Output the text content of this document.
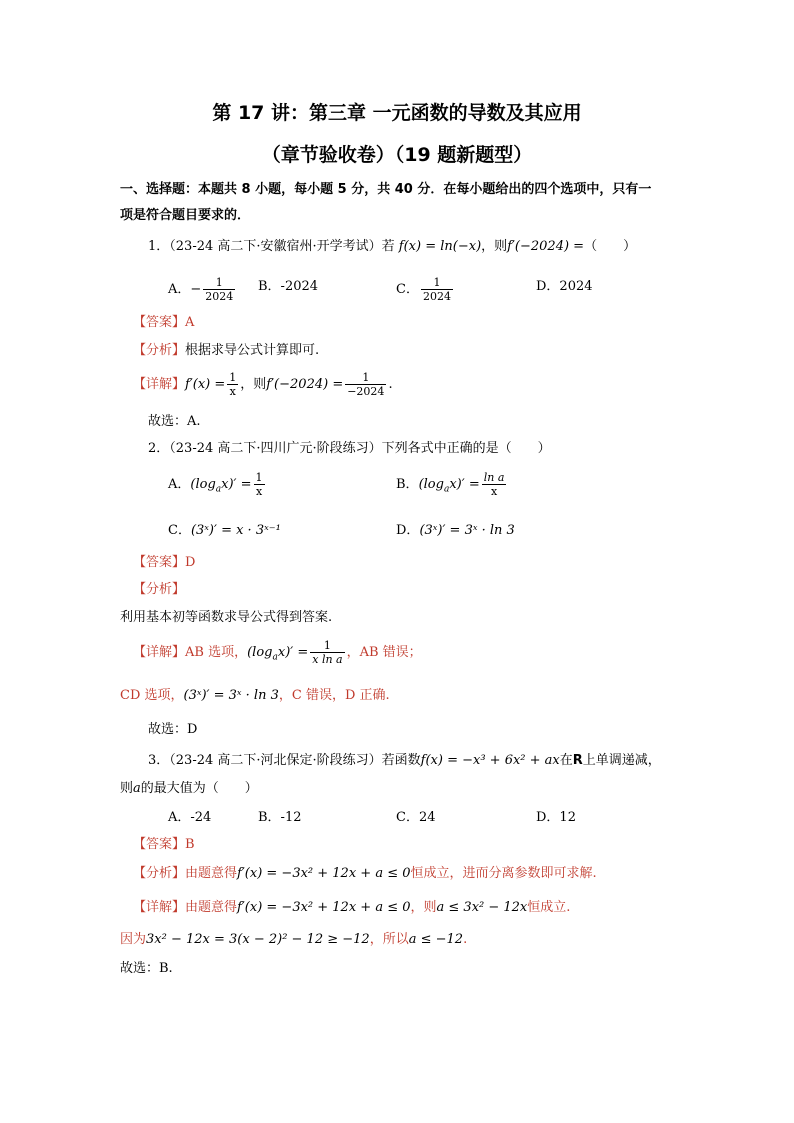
第 17 讲：第三章 一元函数的导数及其应用
（章节验收卷）（19 题新题型）
一、选择题：本题共 8 小题，每小题 5 分，共 40 分．在每小题给出的四个选项中，只有一
项是符合题目要求的．
1．（23-24 高二下·安徽宿州·开学考试）若 f(x) = ln(−x)，则f′(−2024) =（　　）
A．− $\frac{1}{2024}$ B．-2024	C． $\frac{1}{2024}$	D．2024
【答案】A
【分析】根据求导公式计算即可.
【详解】$f'(x) = \frac{1}{x}$ ，则$f'(-2024) = \frac{1}{-2024}$ .
故选：A.
2．（23-24 高二下·四川广元·阶段练习）下列各式中正确的是（　　）
A．$(\log_ax)' = \frac{1}{x}$	B．$(\log_ax)' = \frac{\text{ln a}}{x}$
C．(3ˣ)′ = x · 3ˣ⁻¹	D．(3ˣ)′ = 3ˣ · ln 3
【答案】D
【分析】
利用基本初等函数求导公式得到答案.
【详解】AB 选项，$(\log_ax)' = \frac{1}{\text{x ln a}}$ ，AB 错误；
CD 选项，(3ˣ)′ = 3ˣ · ln 3，C 错误，D 正确.
故选：D
3．（23-24 高二下·河北保定·阶段练习）若函数f(x) = −x³ + 6x² + ax在R上单调递减，
则a的最大值为（　　）
A．-24	B．-12	C．24	D．12
【答案】B
【分析】由题意得f′(x) = −3x² + 12x + a ≤ 0恒成立，进而分离参数即可求解.
【详解】由题意得f′(x) = −3x² + 12x + a ≤ 0，则a ≤ 3x² − 12x恒成立.
因为3x² − 12x = 3(x − 2)² − 12 ≥ −12，所以a ≤ −12.
故选：B.
